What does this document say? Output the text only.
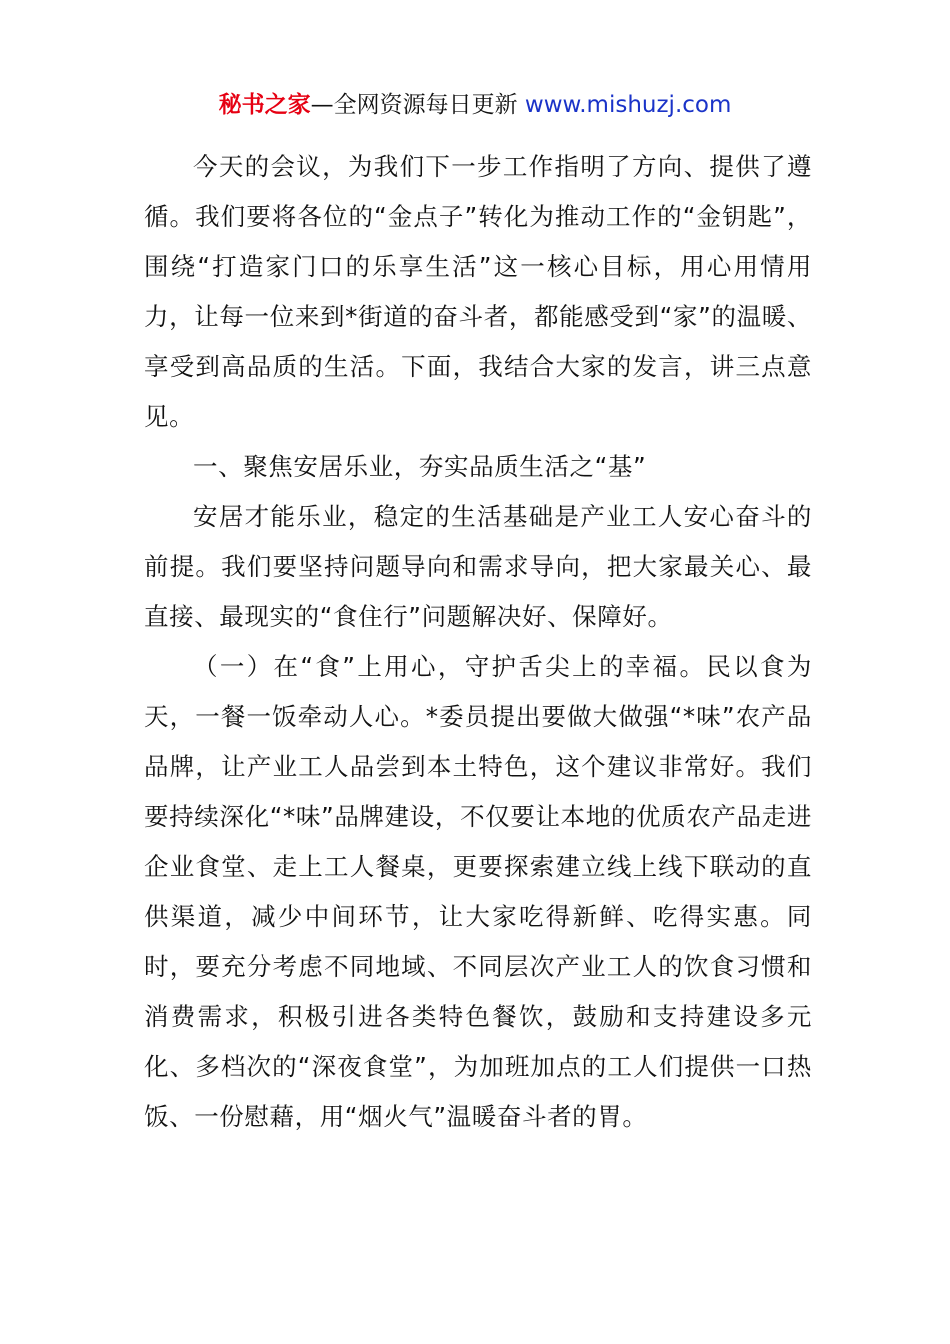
秘书之家—全网资源每日更新 www.mishuzj.com

今天的会议，为我们下一步工作指明了方向、提供了遵循。我们要将各位的“金点子”转化为推动工作的“金钥匙”，围绕“打造家门口的乐享生活”这一核心目标，用心用情用力，让每一位来到*街道的奋斗者，都能感受到“家”的温暖、享受到高品质的生活。下面，我结合大家的发言，讲三点意见。

一、聚焦安居乐业，夯实品质生活之“基”

安居才能乐业，稳定的生活基础是产业工人安心奋斗的前提。我们要坚持问题导向和需求导向，把大家最关心、最直接、最现实的“食住行”问题解决好、保障好。

（一）在“食”上用心，守护舌尖上的幸福。民以食为天，一餐一饭牵动人心。*委员提出要做大做强“*味”农产品品牌，让产业工人品尝到本土特色，这个建议非常好。我们要持续深化“*味”品牌建设，不仅要让本地的优质农产品走进企业食堂、走上工人餐桌，更要探索建立线上线下联动的直供渠道，减少中间环节，让大家吃得新鲜、吃得实惠。同时，要充分考虑不同地域、不同层次产业工人的饮食习惯和消费需求，积极引进各类特色餐饮，鼓励和支持建设多元化、多档次的“深夜食堂”，为加班加点的工人们提供一口热饭、一份慰藉，用“烟火气”温暖奋斗者的胃。
